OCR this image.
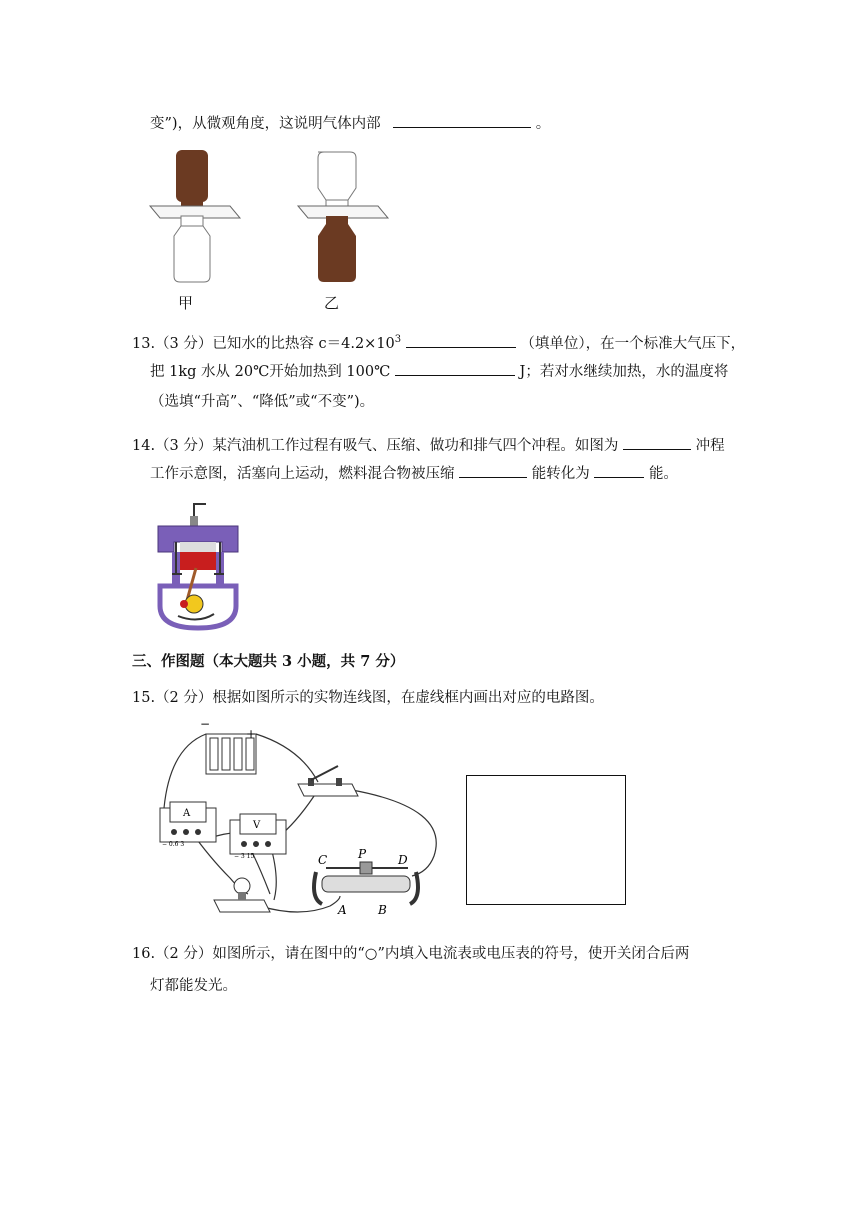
变”)，从微观角度，这说明气体内部	。
甲	乙
13.（3 分）已知水的比热容 $c=4.2\times 10^3$	（填单位），在一个标准大气压下，
把 1kg 水从 20℃开始加热到 100℃	J；若对水继续加热，水的温度将
（选填“升高”、“降低”或“不变”)。
14.（3 分）某汽油机工作过程有吸气、压缩、做功和排气四个冲程。如图为	冲程
工作示意图，活塞向上运动，燃料混合物被压缩	能转化为	能。
三、作图题（本大题共 3 小题，共 7 分）
15.（2 分）根据如图所示的实物连线图，在虚线框内画出对应的电路图。
−
+
A
− 0.6 3
V
− 3 15	C	P	D
A	B
16.（2 分）如图所示，请在图中的“○”内填入电流表或电压表的符号，使开关闭合后两
灯都能发光。
